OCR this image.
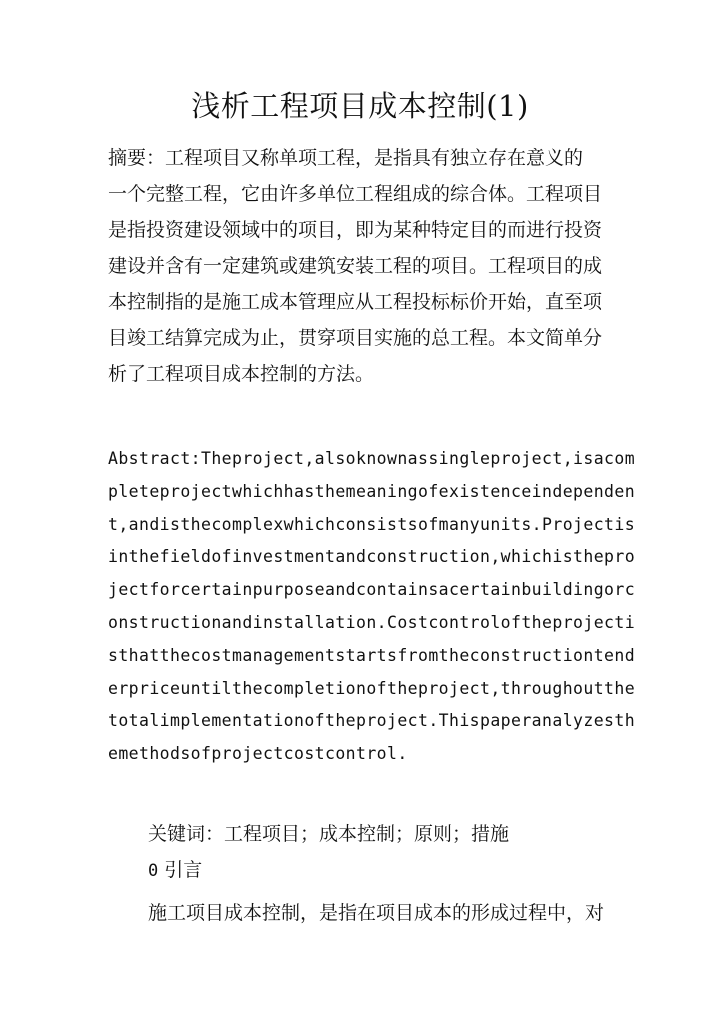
浅析工程项目成本控制(1)
摘要：工程项目又称单项工程，是指具有独立存在意义的
一个完整工程，它由许多单位工程组成的综合体。工程项目
是指投资建设领域中的项目，即为某种特定目的而进行投资
建设并含有一定建筑或建筑安装工程的项目。工程项目的成
本控制指的是施工成本管理应从工程投标标价开始，直至项
目竣工结算完成为止，贯穿项目实施的总工程。本文简单分
析了工程项目成本控制的方法。
Abstract:Theproject,alsoknownassingleproject,isacom
pleteprojectwhichhasthemeaningofexistenceindependen
t,andisthecomplexwhichconsistsofmanyunits.Projectis
inthefieldofinvestmentandconstruction,whichisthepro
jectforcertainpurposeandcontainsacertainbuildingorc
onstructionandinstallation.Costcontroloftheprojecti
sthatthecostmanagementstartsfromtheconstructiontend
erpriceuntilthecompletionoftheproject,throughoutthe
totalimplementationoftheproject.Thispaperanalyzesth
emethodsofprojectcostcontrol.
关键词：工程项目；成本控制；原则；措施
0 引言
施工项目成本控制，是指在项目成本的形成过程中，对
